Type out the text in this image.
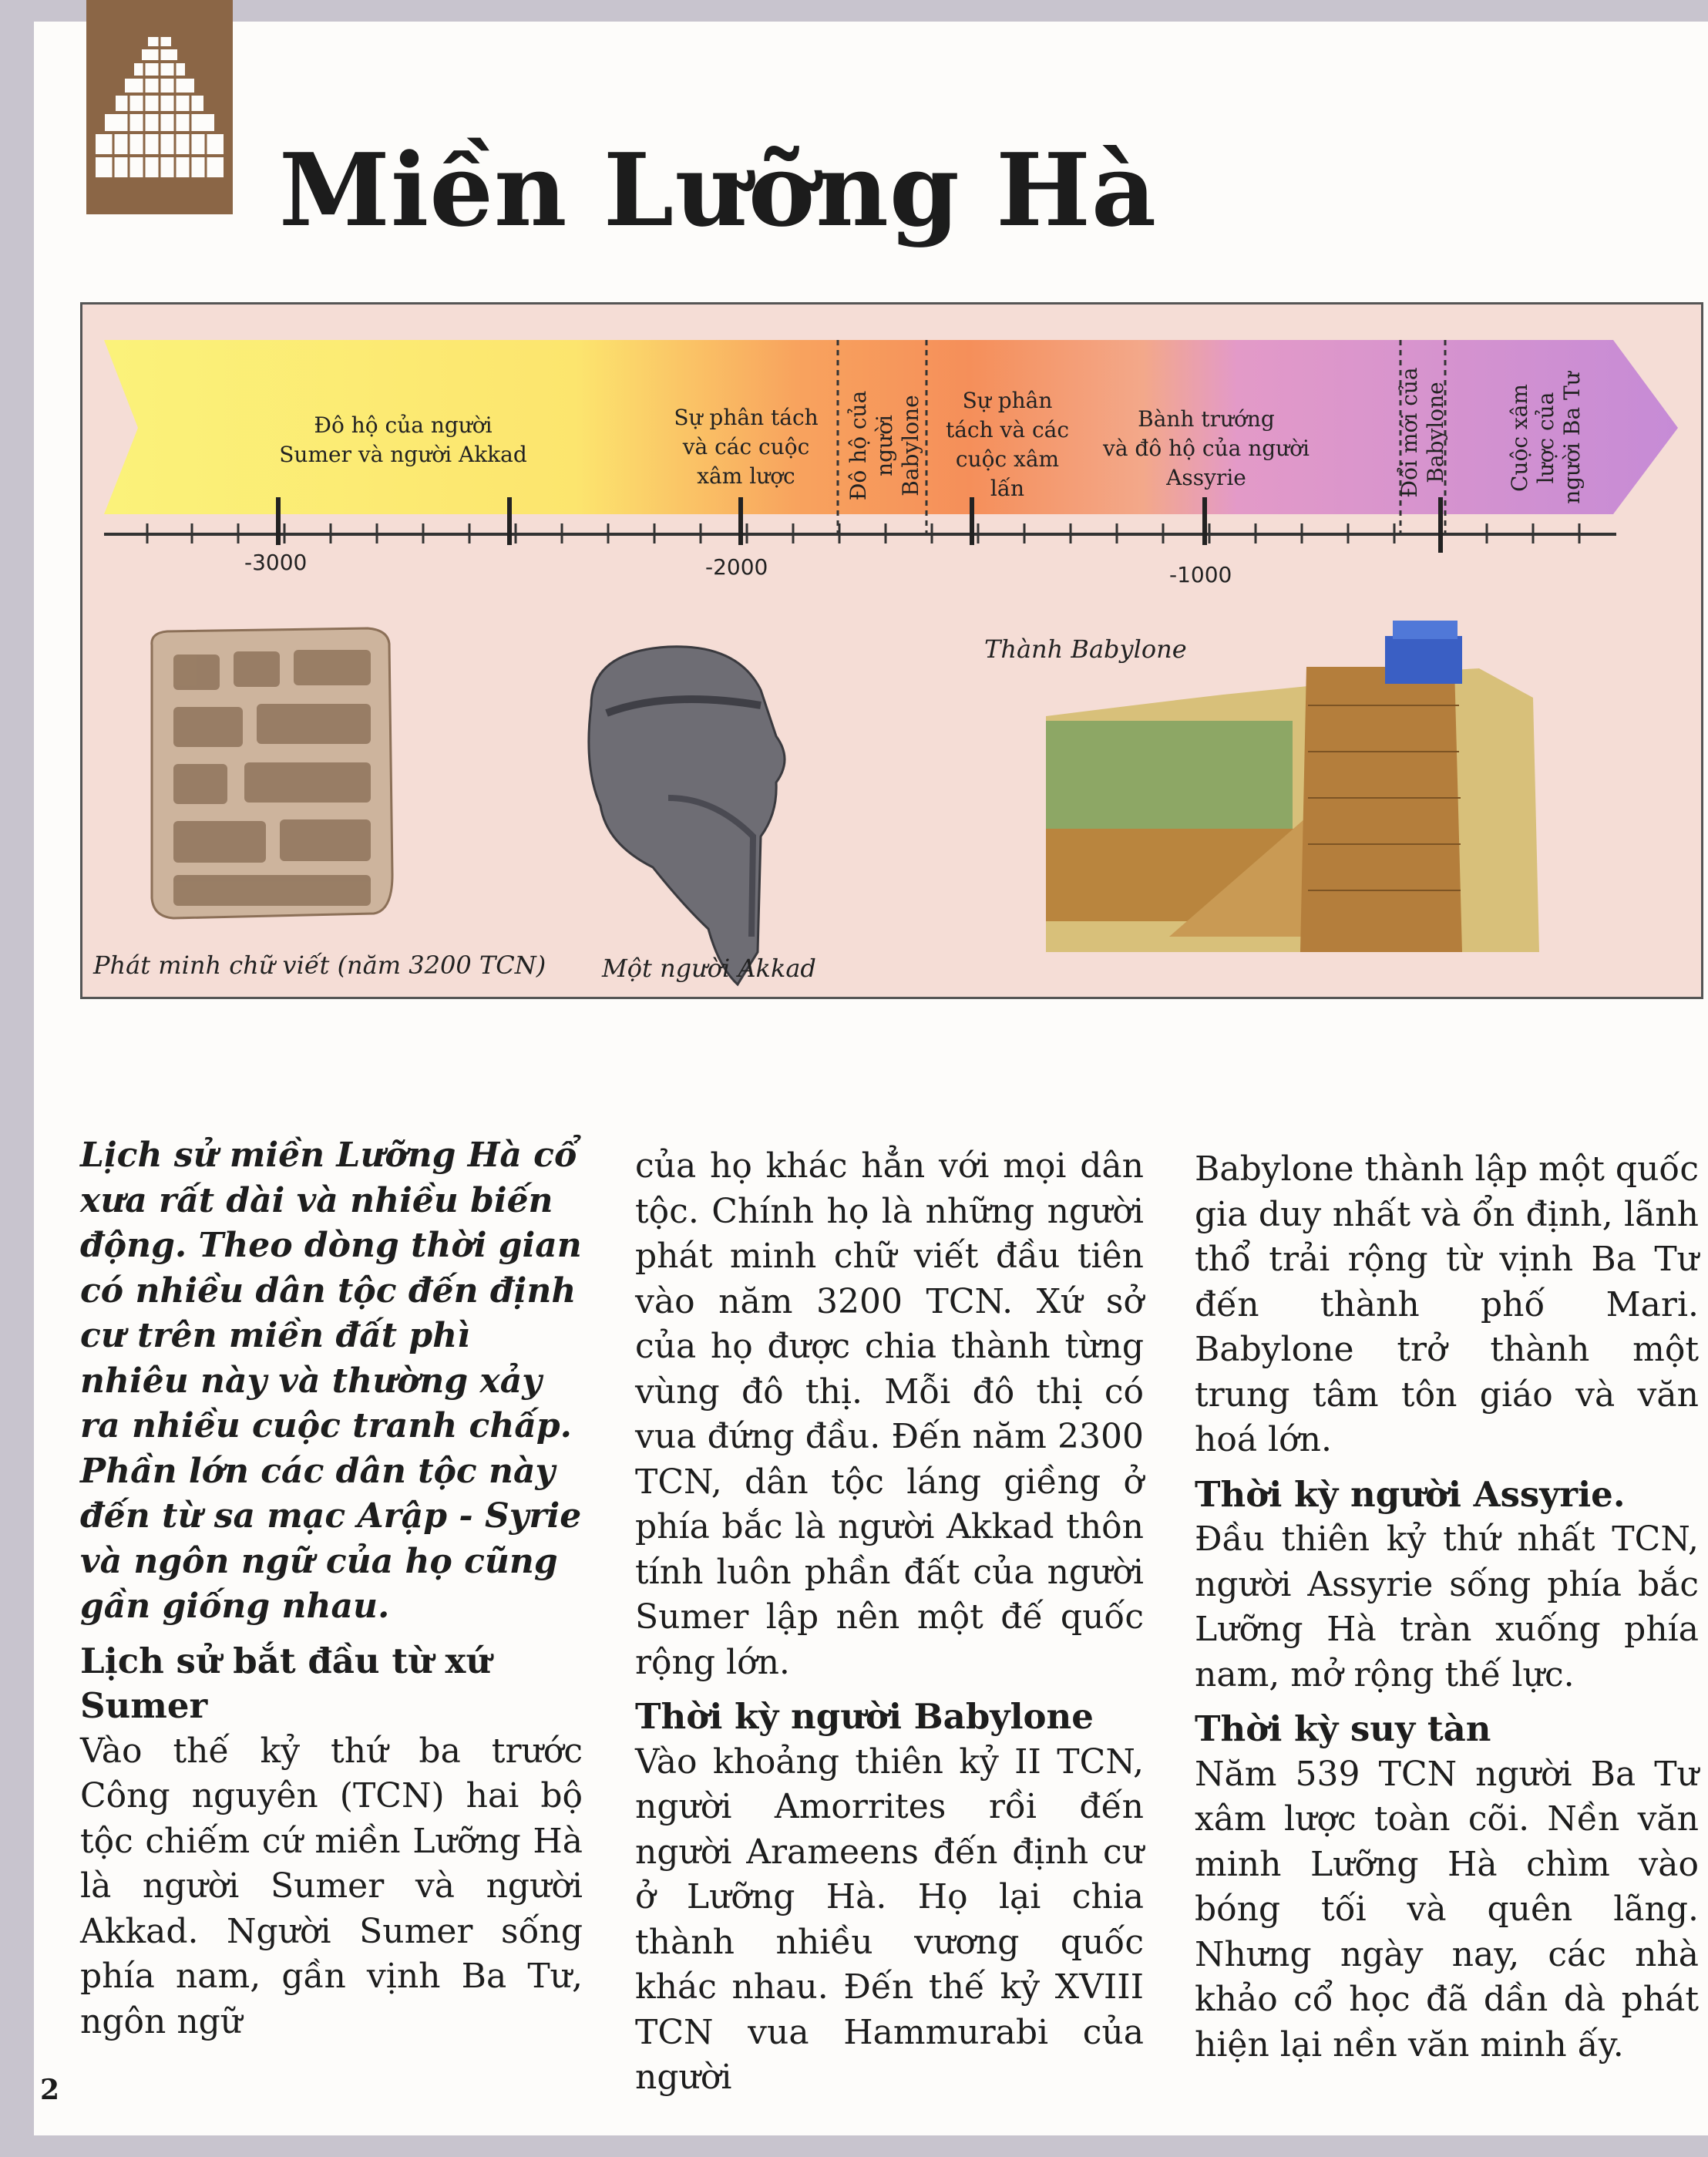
Miền Lưỡng Hà
Đô hộ của người
Sumer và người Akkad
Sự phân tách
và các cuộc
xâm lược	Đô hộ của
người Babylone	Sự phân
tách và các
cuộc xâm
lấn
Bành trướng
và đô hộ của người
Assyrie	Đổi mới của
Babylone	Cuộc xâm
lược của
người Ba Tư
-3000	-2000	-1000
Phát minh chữ viết (năm 3200 TCN) Một người Akkad
Thành Babylone

Lịch sử miền Lưỡng Hà cổ xưa rất dài và nhiều biến động. Theo dòng thời gian có nhiều dân tộc đến định cư trên miền đất phì nhiêu này và thường xảy ra nhiều cuộc tranh chấp. Phần lớn các dân tộc này đến từ sa mạc Arập - Syrie và ngôn ngữ của họ cũng gần giống nhau.

Lịch sử bắt đầu từ xứ Sumer

Vào thế kỷ thứ ba trước Công nguyên (TCN) hai bộ tộc chiếm cứ miền Lưỡng Hà là người Sumer và người Akkad. Người Sumer sống phía nam, gần vịnh Ba Tư, ngôn ngữ

của họ khác hẳn với mọi dân tộc. Chính họ là những người phát minh chữ viết đầu tiên vào năm 3200 TCN. Xứ sở của họ được chia thành từng vùng đô thị. Mỗi đô thị có vua đứng đầu. Đến năm 2300 TCN, dân tộc láng giềng ở phía bắc là người Akkad thôn tính luôn phần đất của người Sumer lập nên một đế quốc rộng lớn.

Thời kỳ người Babylone

Vào khoảng thiên kỷ II TCN, người Amorrites rồi đến người Arameens đến định cư ở Lưỡng Hà. Họ lại chia thành nhiều vương quốc khác nhau. Đến thế kỷ XVIII TCN vua Hammurabi của người

Babylone thành lập một quốc gia duy nhất và ổn định, lãnh thổ trải rộng từ vịnh Ba Tư đến thành phố Mari. Babylone trở thành một trung tâm tôn giáo và văn hoá lớn.

Thời kỳ người Assyrie.

Đầu thiên kỷ thứ nhất TCN, người Assyrie sống phía bắc Lưỡng Hà tràn xuống phía nam, mở rộng thế lực.

Thời kỳ suy tàn

Năm 539 TCN người Ba Tư xâm lược toàn cõi. Nền văn minh Lưỡng Hà chìm vào bóng tối và quên lãng. Nhưng ngày nay, các nhà khảo cổ học đã dần dà phát hiện lại nền văn minh ấy.

2
